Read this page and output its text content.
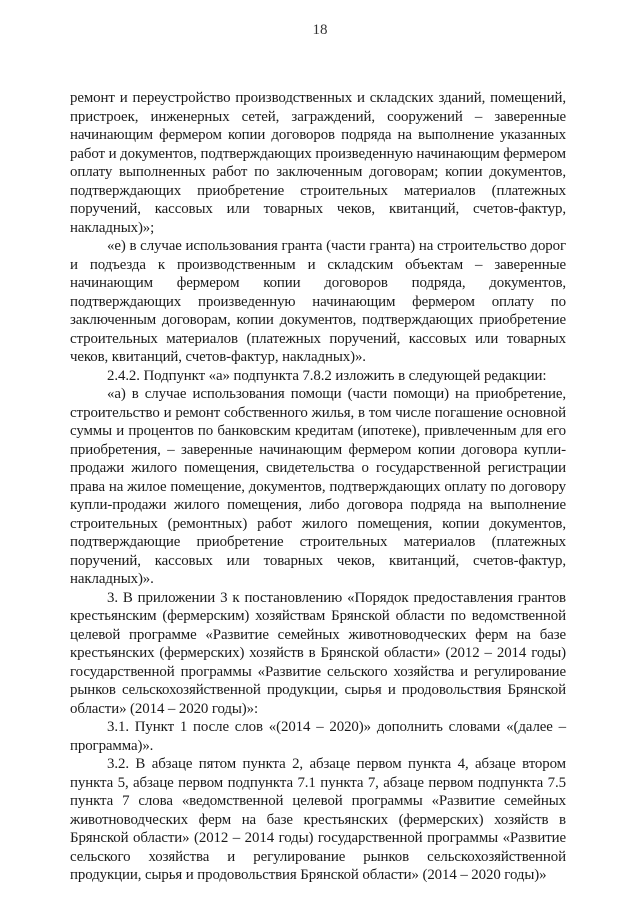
18

ремонт и переустройство производственных и складских зданий, помещений, пристроек, инженерных сетей, заграждений, сооружений – заверенные начинающим фермером копии договоров подряда на выполнение указанных работ и документов, подтверждающих произведенную начинающим фермером оплату выполненных работ по заключенным договорам; копии документов, подтверждающих приобретение строительных материалов (платежных поручений, кассовых или товарных чеков, квитанций, счетов-фактур, накладных)»;

«е) в случае использования гранта (части гранта) на строительство дорог и подъезда к производственным и складским объектам – заверенные начинающим фермером копии договоров подряда, документов, подтверждающих произведенную начинающим фермером оплату по заключенным договорам, копии документов, подтверждающих приобретение строительных материалов (платежных поручений, кассовых или товарных чеков, квитанций, счетов-фактур, накладных)».

2.4.2. Подпункт «а» подпункта 7.8.2 изложить в следующей редакции:

«а) в случае использования помощи (части помощи) на приобретение, строительство и ремонт собственного жилья, в том числе погашение основной суммы и процентов по банковским кредитам (ипотеке), привлеченным для его приобретения, – заверенные начинающим фермером копии договора купли-продажи жилого помещения, свидетельства о государственной регистрации права на жилое помещение, документов, подтверждающих оплату по договору купли-продажи жилого помещения, либо договора подряда на выполнение строительных (ремонтных) работ жилого помещения, копии документов, подтверждающие приобретение строительных материалов (платежных поручений, кассовых или товарных чеков, квитанций, счетов-фактур, накладных)».

3. В приложении 3 к постановлению «Порядок предоставления грантов крестьянским (фермерским) хозяйствам Брянской области по ведомственной целевой программе «Развитие семейных животноводческих ферм на базе крестьянских (фермерских) хозяйств в Брянской области» (2012 – 2014 годы) государственной программы «Развитие сельского хозяйства и регулирование рынков сельскохозяйственной продукции, сырья и продовольствия Брянской области» (2014 – 2020 годы)»:

3.1. Пункт 1 после слов «(2014 – 2020)» дополнить словами «(далее – программа)».

3.2. В абзаце пятом пункта 2, абзаце первом пункта 4, абзаце втором пункта 5, абзаце первом подпункта 7.1 пункта 7, абзаце первом подпункта 7.5 пункта 7 слова «ведомственной целевой программы «Развитие семейных животноводческих ферм на базе крестьянских (фермерских) хозяйств в Брянской области» (2012 – 2014 годы) государственной программы «Развитие сельского хозяйства и регулирование рынков сельскохозяйственной продукции, сырья и продовольствия Брянской области» (2014 – 2020 годы)»
